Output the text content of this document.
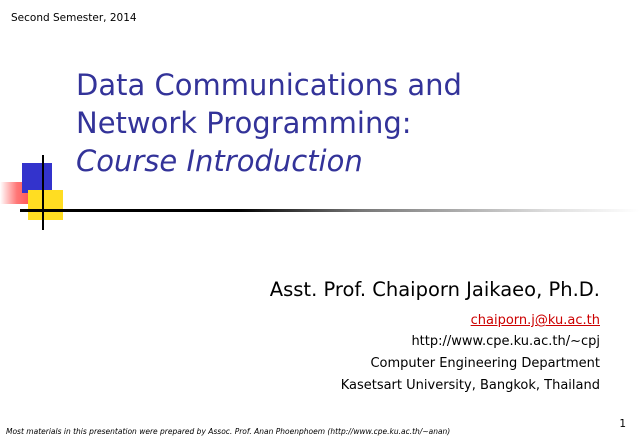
Second Semester, 2014
Data Communications and
Network Programming:
Course Introduction
Asst. Prof. Chaiporn Jaikaeo, Ph.D.
chaiporn.j@ku.ac.th
http://www.cpe.ku.ac.th/~cpj
Computer Engineering Department
Kasetsart University, Bangkok, Thailand
Most materials in this presentation were prepared by Assoc. Prof. Anan Phoenphoem (http://www.cpe.ku.ac.th/~anan)
1
